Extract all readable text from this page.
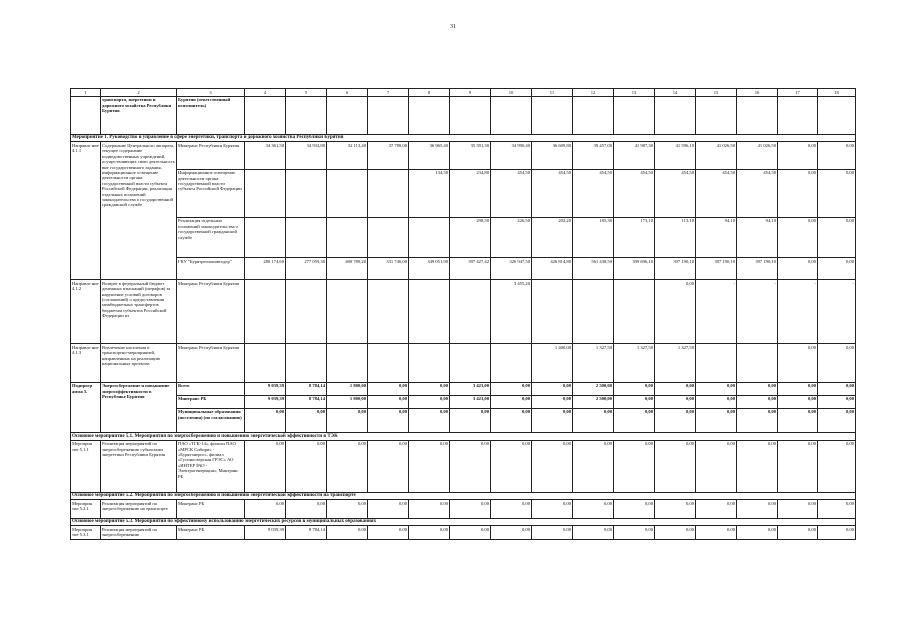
31
1	2	3	4	5	6	7	8	9	10	11	12	13	14	15	16	17	18
	транспорта, энергетики и дорожного хозяйства Республики Бурятия	Бурятии (ответственный исполнитель)															
Мероприятие 1. Руководство и управление в сфере энергетики, транспорта и дорожного хозяйства Республики Бурятия																	
Направле ние 4.1.1	Содержание Центрального аппарата, текущее содержание подведомственных учреждений, осуществляющих свою деятельность вне государственного задания, информационное освещение деятельности органа государственной власти субъекта Российской Федерации, реализация отдельных положений законодательства о государственной гражданской службе	Минтранс Республики Бурятия	34 361,50	34 934,80	32 113,40	37 788,00	36 965,40	35 391,30	34 990,40	36 609,80	39 457,00	41 987,30	41 596,10	41 026,50	41 026,50	0,00	0,00
		Информационное освещение деятельности органа государственной власти субъекта Российской Федерации					134,50	234,80	454,50	454,50	454,50	454,50	454,50	454,50	454,50	0,00	0,00
		Реализация отдельных положений законодательства о государственной гражданской службе						298,50	226,50	202,20	185,30	173,10	113,10	94,10	94,10	0,00	0,00
		ГКУ "Бурятрегионавтодор"	280 174,60	277 059,30	400 789,20	331 746,00	349 051,90	397 427,42	326 947,50	426 814,80	561 438,50	399 696,10	397 190,10	397 190,10	397 190,10	0,00	0,00
Направле ние 4.1.2	Возврат в федеральный бюджет денежных взысканий (штрафов) за нарушение условий договоров (соглашений) о предоставлении межбюджетных трансфертов бюджетам субъектов Российской Федерации из	Минтранс Республики Бурятия							3 455,20				0,00	-	-	-	-
Направле ние 4.1.3	Вовлечение населения в транспортно-мероприятий, направленных на реализацию национальных проектов	Минтранс Республики Бурятия								1 400,00	1 327,50	1 327,50	1 327,50			0,00	0,00
Подпрогр амма 5.	Энергосбережение и повышение энергоэффективности в Республике Бурятия	Всего	9 039,39	8 784,14	1 800,00	0,00	0,00	3 423,00	0,00	0,00	2 500,00	0,00	0,00	0,00	0,00	0,00	0,00
		Минтранс РБ	9 039,39	8 784,14	1 800,00	0,00	0,00	3 423,00	0,00	0,00	2 500,00	0,00	0,00	0,00	0,00	0,00	0,00
		Муниципальные образования (поселения) (по согласованию)	0,00	0,00	0,00	0,00	0,00	0,00	0,00	0,00	0,00	0,00	0,00	0,00	0,00	0,00	0,00
Основное мероприятие 5.1. Мероприятия по энергосбережению и повышению энергетической эффективности в ТЭК																	
Мероприя тие 5.1.1	Реализация мероприятий по энергосбережению субъектами энергетики Республики Бурятия	ПАО «ТГК-14», филиал ПАО «МРСК Сибири» - «Бурятэнерго», филиал «Гусиноозерская ГРЭС» АО «ИНТЕР РАО - Электрогенерация», Минтранс РБ	0,00	0,00	0,00	0,00	0,00	0,00	0,00	0,00	0,00	0,00	0,00	0,00	0,00	0,00	0,00
Основное мероприятие 5.2. Мероприятия по энергосбережению и повышению энергетической эффективности на транспорте																	
Мероприя тие 5.2.1	Реализация мероприятий по энергосбережению на транспорте	Минтранс РБ	0,00	0,00	0,00	0,00	0,00	0,00	0,00	0,00	0,00	0,00	0,00	0,00	0,00	0,00	0,00
Основное мероприятие 5.3. Мероприятия по эффективному использованию энергетических ресурсов в муниципальных образованиях																	
Мероприя тие 5.3.1	Реализация мероприятий по энергосбережению	Минтранс РБ	9 039,39	8 784,14	0,00	0,00	0,00	0,00	0,00	0,00	0,00	0,00	0,00	0,00	0,00	0,00	0,00
